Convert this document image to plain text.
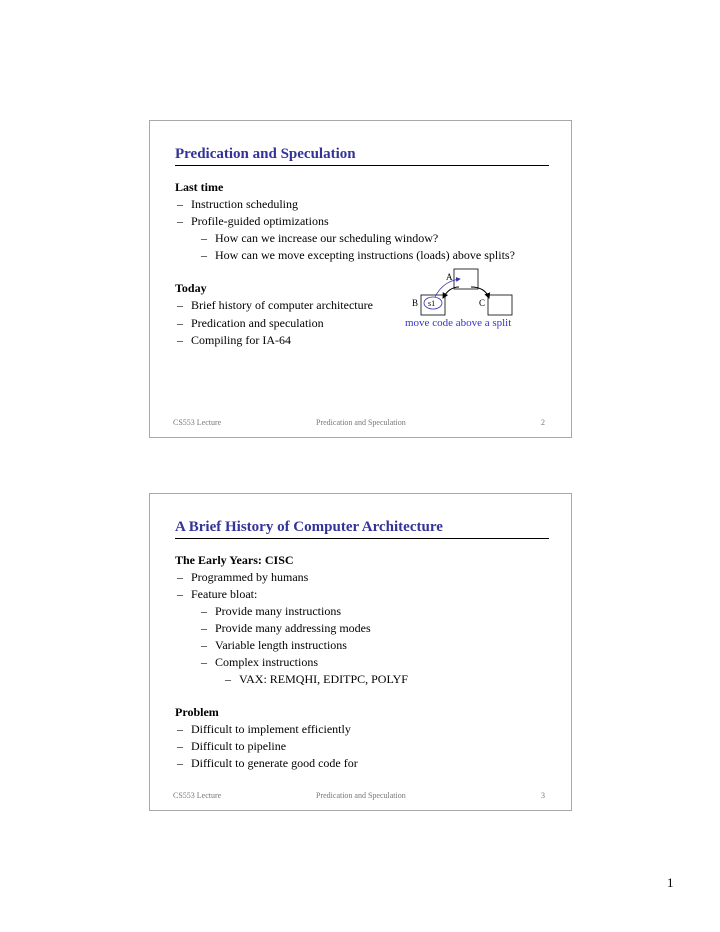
Predication and Speculation
Last time
– Instruction scheduling
– Profile-guided optimizations
– How can we increase our scheduling window?
– How can we move excepting instructions (loads) above splits?
Today
– Brief history of computer architecture
– Predication and speculation
– Compiling for IA-64
A
B s1	C
move code above a split
CS553 Lecture	Predication and Speculation	2
A Brief History of Computer Architecture
The Early Years: CISC
– Programmed by humans
– Feature bloat:
– Provide many instructions
– Provide many addressing modes
– Variable length instructions
– Complex instructions
– VAX: REMQHI, EDITPC, POLYF
Problem
– Difficult to implement efficiently
– Difficult to pipeline
– Difficult to generate good code for
CS553 Lecture	Predication and Speculation	3
1
